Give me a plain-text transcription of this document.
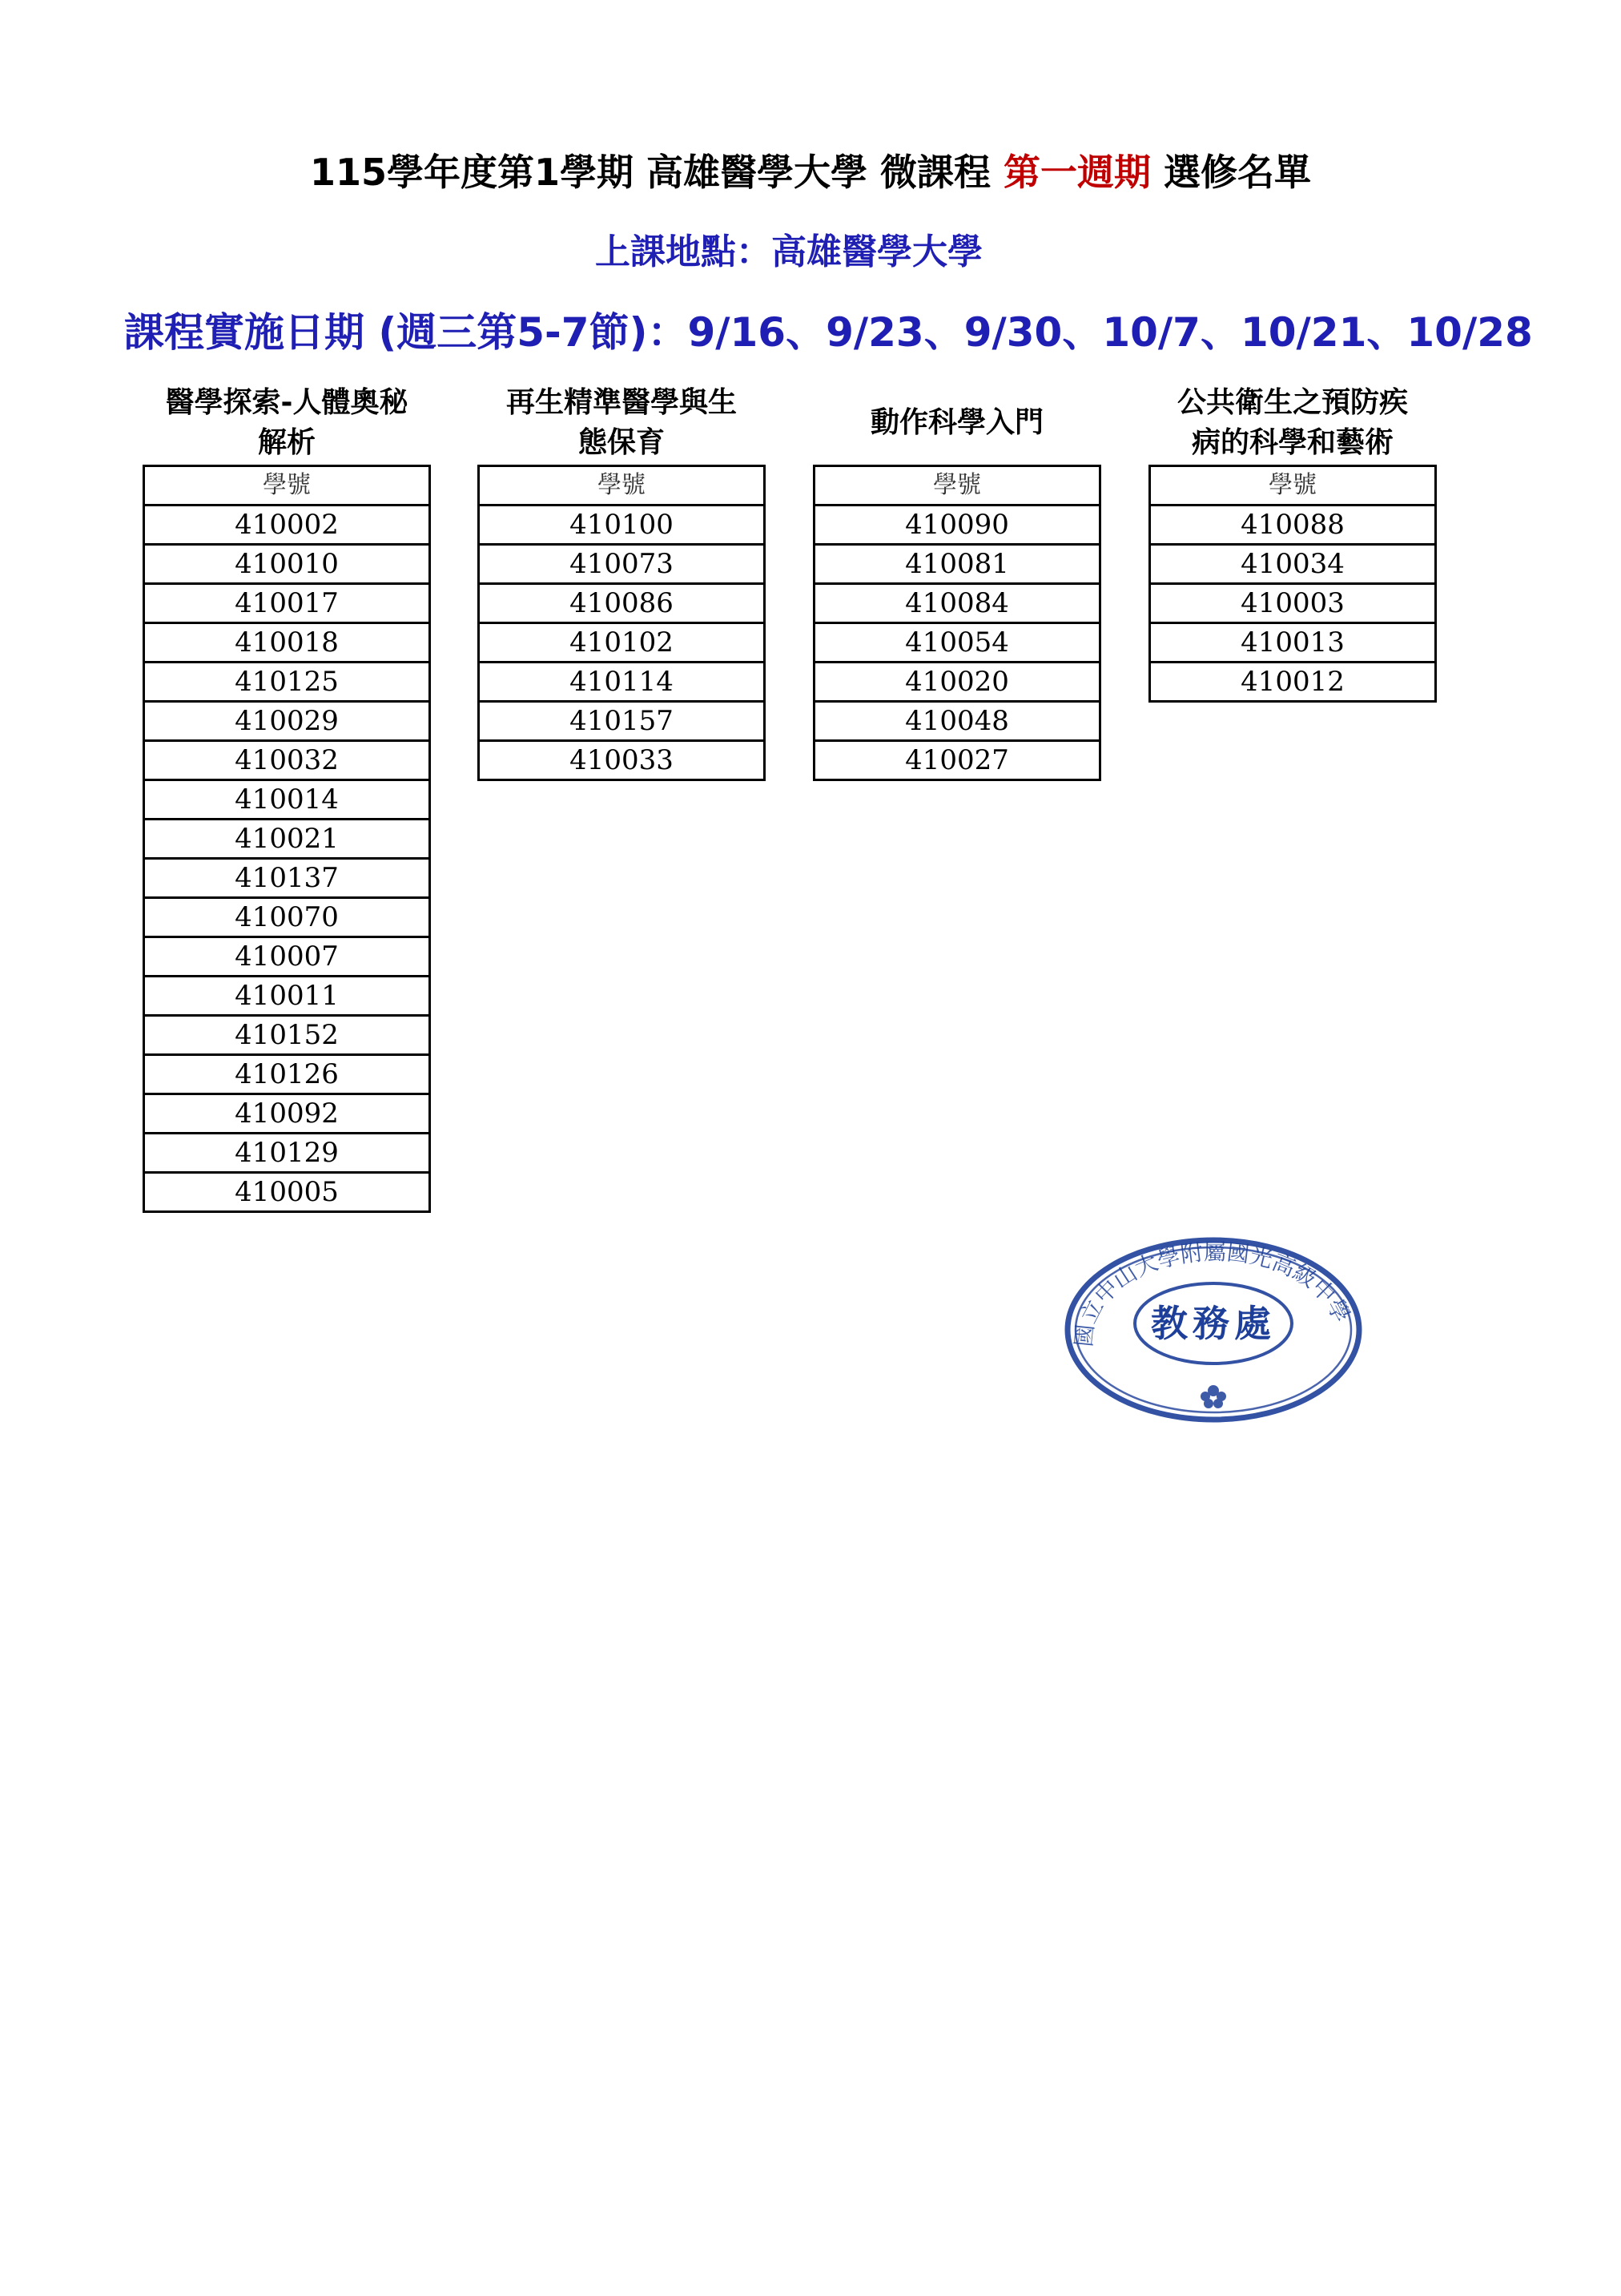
115學年度第1學期 高雄醫學大學 微課程 第一週期 選修名單
上課地點：高雄醫學大學
課程實施日期 (週三第5-7節)：9/16、9/23、9/30、10/7、10/21、10/28
醫學探索-人體奧秘
解析
學號
410002
410010
410017
410018
410125
410029
410032
410014
410021
410137
410070
410007
410011
410152
410126
410092
410129
410005
再生精準醫學與生
態保育
學號
410100
410073
410086
410102
410114
410157
410033
動作科學入門
學號
410090
410081
410084
410054
410020
410048
410027
公共衛生之預防疾
病的科學和藝術
學號
410088
410034
410003
410013
410012
國立中山大學附屬國光高級中學
教務處
